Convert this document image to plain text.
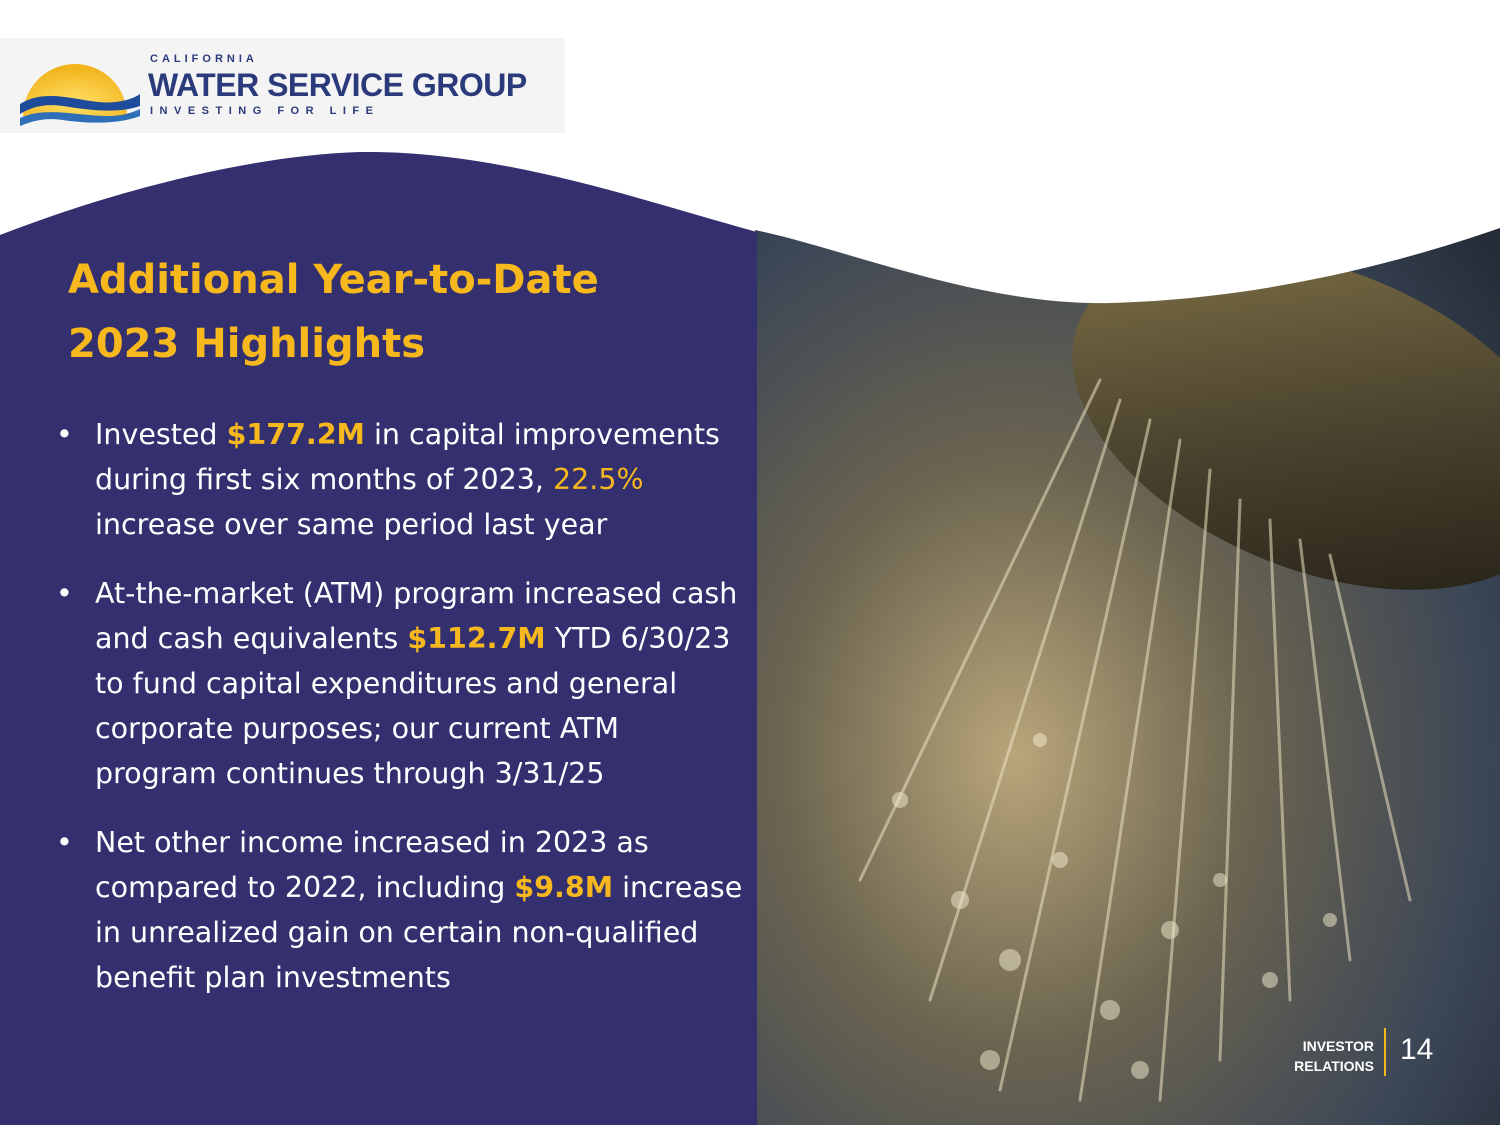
CALIFORNIA
WATER SERVICE GROUP
INVESTING FOR LIFE
Additional Year-to-Date
2023 Highlights
• Invested $177.2M in capital improvements during first six months of 2023, 22.5% increase over same period last year
• At-the-market (ATM) program increased cash and cash equivalents $112.7M YTD 6/30/23 to fund capital expenditures and general corporate purposes; our current ATM program continues through 3/31/25
• Net other income increased in 2023 as compared to 2022, including $9.8M increase in unrealized gain on certain non-qualified benefit plan investments
INVESTOR
RELATIONS 14
